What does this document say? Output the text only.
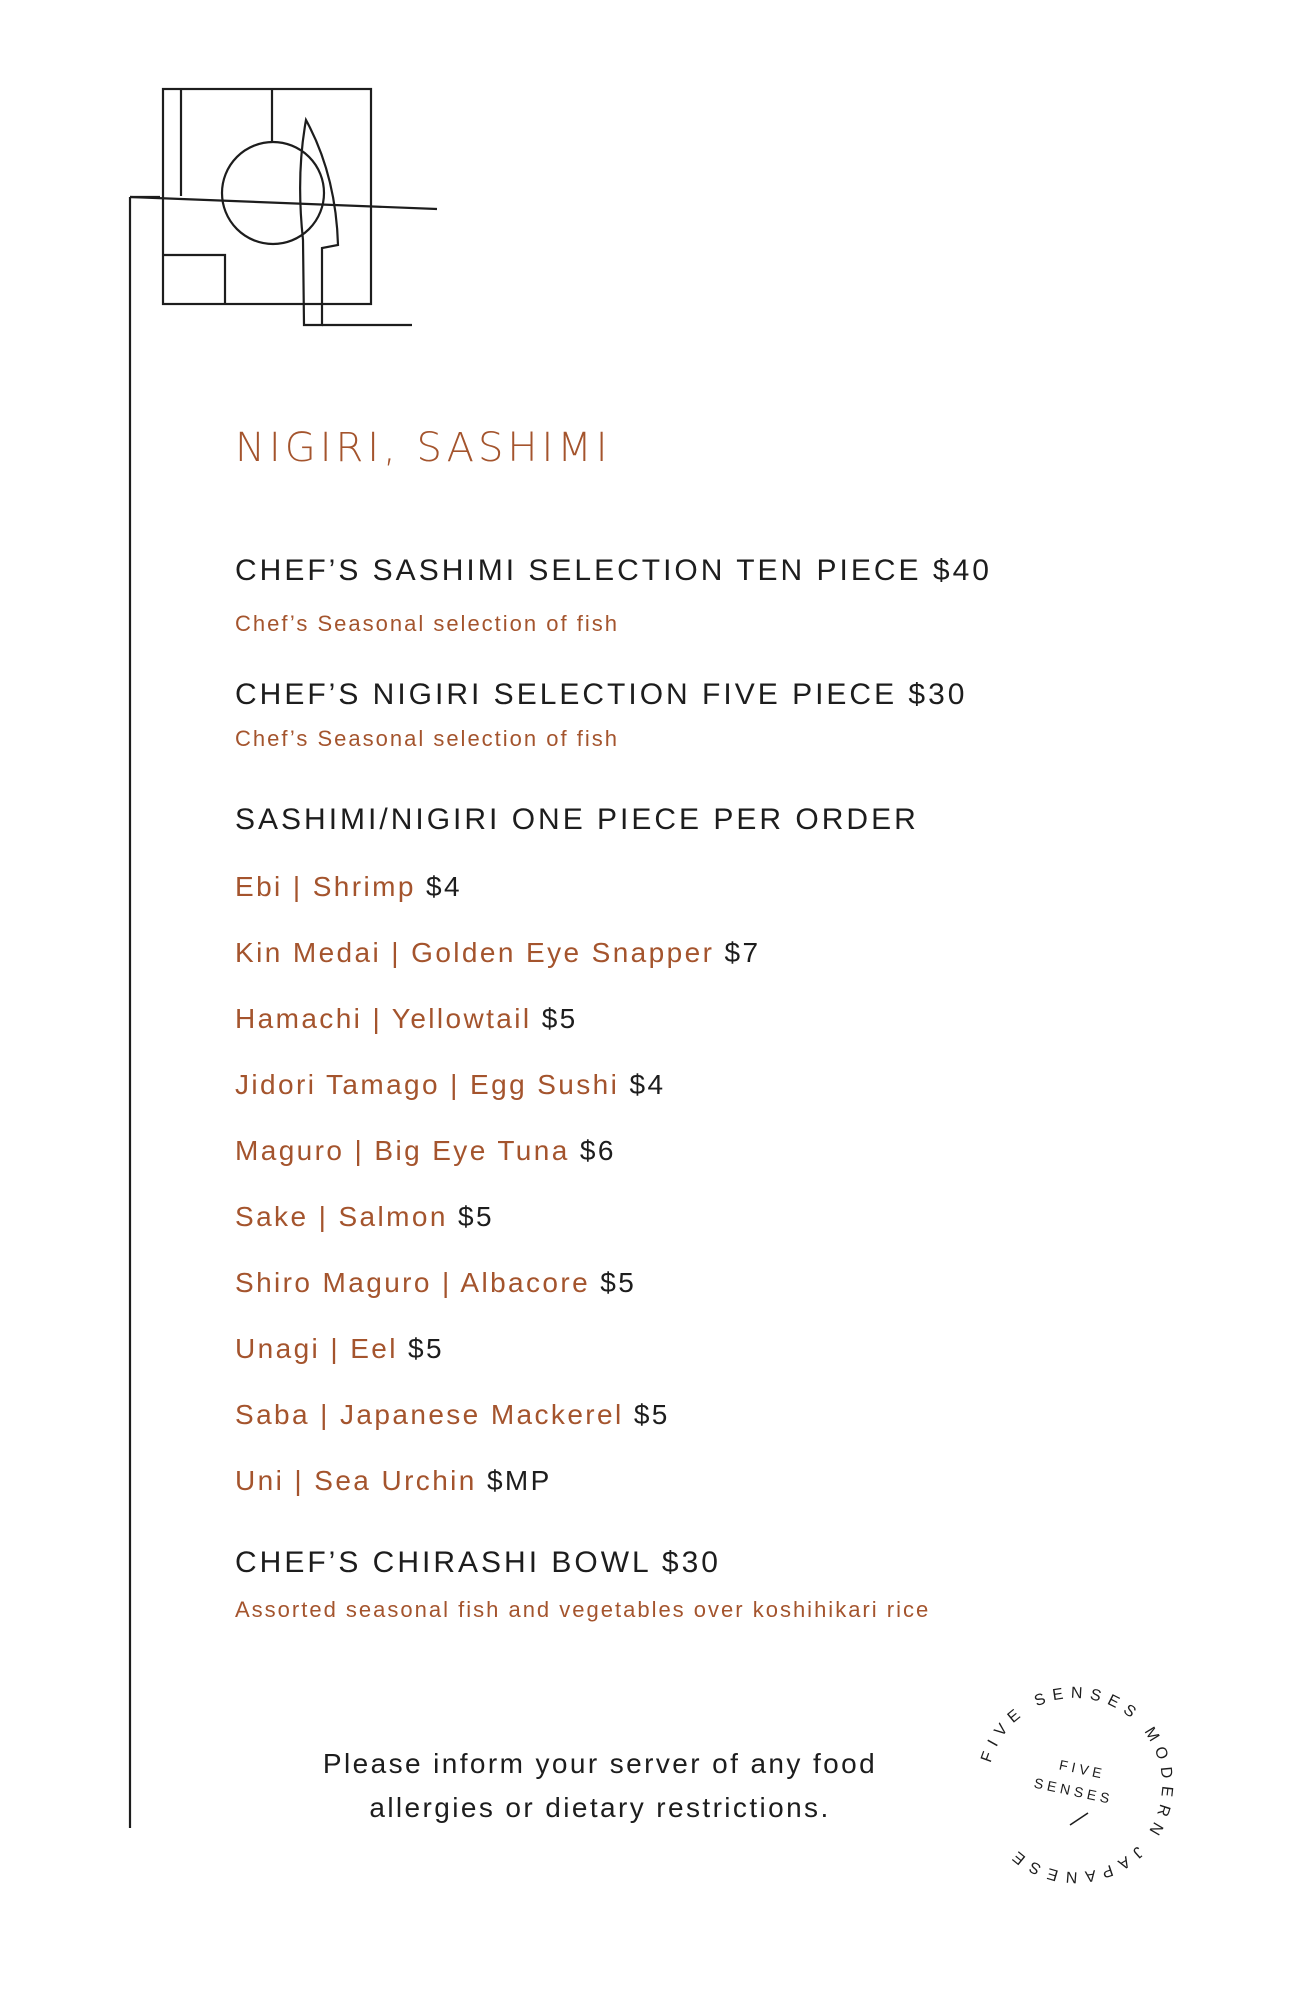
NIGIRI, SASHIMI

CHEF’S SASHIMI SELECTION TEN PIECE $40

Chef’s Seasonal selection of fish

CHEF’S NIGIRI SELECTION FIVE PIECE $30

Chef’s Seasonal selection of fish

SASHIMI/NIGIRI ONE PIECE PER ORDER

Ebi | Shrimp $4

Kin Medai | Golden Eye Snapper $7

Hamachi | Yellowtail $5

Jidori Tamago | Egg Sushi $4

Maguro | Big Eye Tuna $6

Sake | Salmon $5

Shiro Maguro | Albacore $5

Unagi | Eel $5

Saba | Japanese Mackerel $5

Uni | Sea Urchin $MP

CHEF’S CHIRASHI BOWL $30

Assorted seasonal fish and vegetables over koshihikari rice

Please inform your server of any food
allergies or dietary restrictions.
FIVE SENSES MODERN JAPANESE
FIVE
SENSES
